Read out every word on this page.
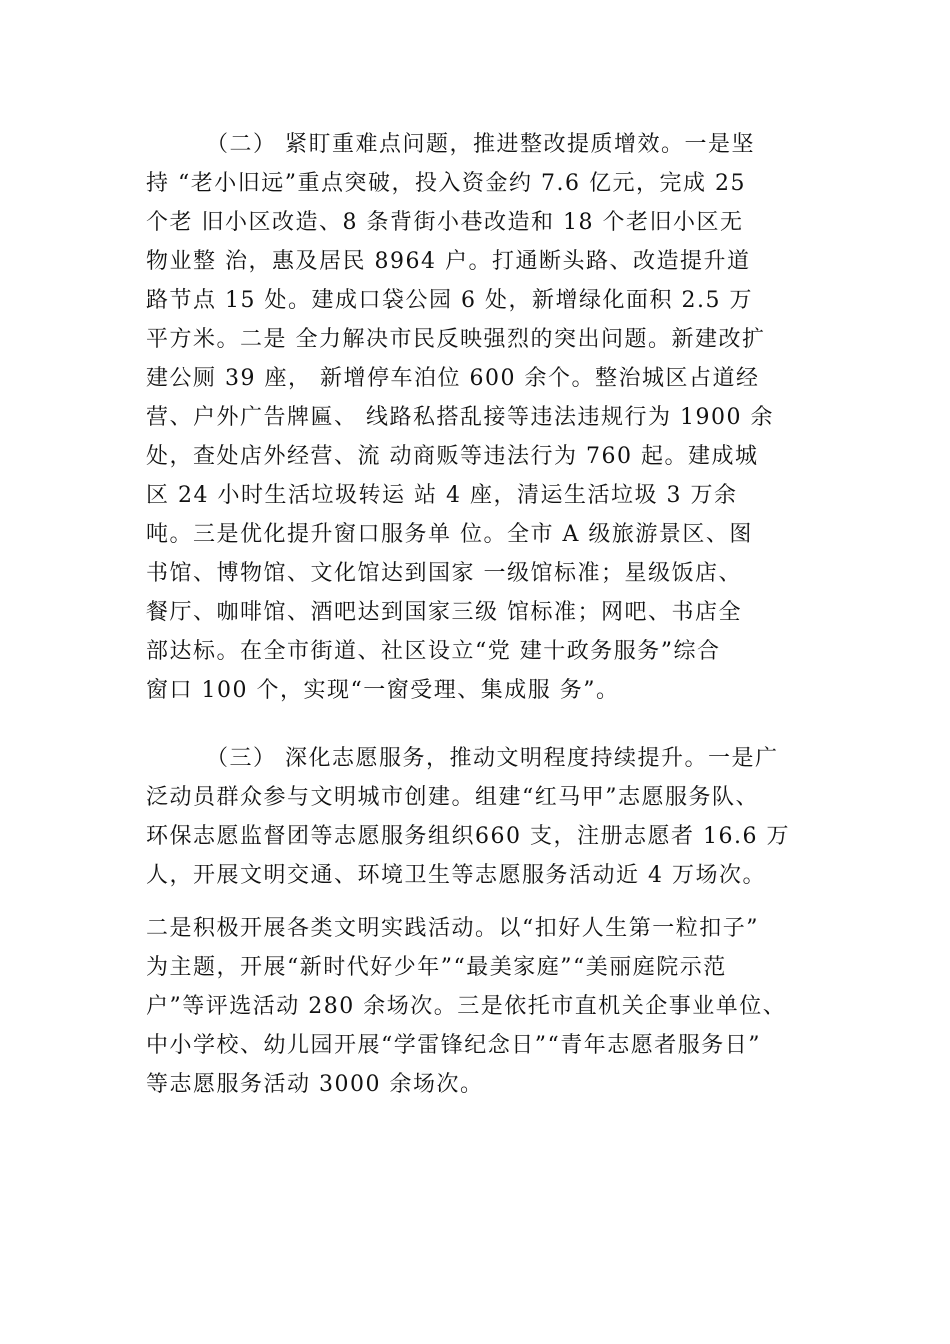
（二） 紧盯重难点问题，推进整改提质增效。一是坚
持 “老小旧远”重点突破，投入资金约 7.6 亿元，完成 25
个老 旧小区改造、8 条背街小巷改造和 18 个老旧小区无
物业整 治，惠及居民 8964 户。打通断头路、改造提升道
路节点 15 处。建成口袋公园 6 处，新增绿化面积 2.5 万
平方米。二是 全力解决市民反映强烈的突出问题。新建改扩
建公厕 39 座， 新增停车泊位 600 余个。整治城区占道经
营、户外广告牌匾、 线路私搭乱接等违法违规行为 1900 余
处，查处店外经营、流 动商贩等违法行为 760 起。建成城
区 24 小时生活垃圾转运 站 4 座，清运生活垃圾 3 万余
吨。三是优化提升窗口服务单 位。全市 A 级旅游景区、图
书馆、博物馆、文化馆达到国家 一级馆标准；星级饭店、
餐厅、咖啡馆、酒吧达到国家三级 馆标准；网吧、书店全
部达标。在全市街道、社区设立“党 建十政务服务”综合
窗口 100 个，实现“一窗受理、集成服 务”。
（三） 深化志愿服务，推动文明程度持续提升。一是广
泛动员群众参与文明城市创建。组建“红马甲”志愿服务队、
环保志愿监督团等志愿服务组织660 支，注册志愿者 16.6 万
人，开展文明交通、环境卫生等志愿服务活动近 4 万场次。
二是积极开展各类文明实践活动。以“扣好人生第一粒扣子”
为主题，开展“新时代好少年”“最美家庭”“美丽庭院示范
户”等评选活动 280 余场次。三是依托市直机关企事业单位、
中小学校、幼儿园开展“学雷锋纪念日”“青年志愿者服务日”
等志愿服务活动 3000 余场次。
